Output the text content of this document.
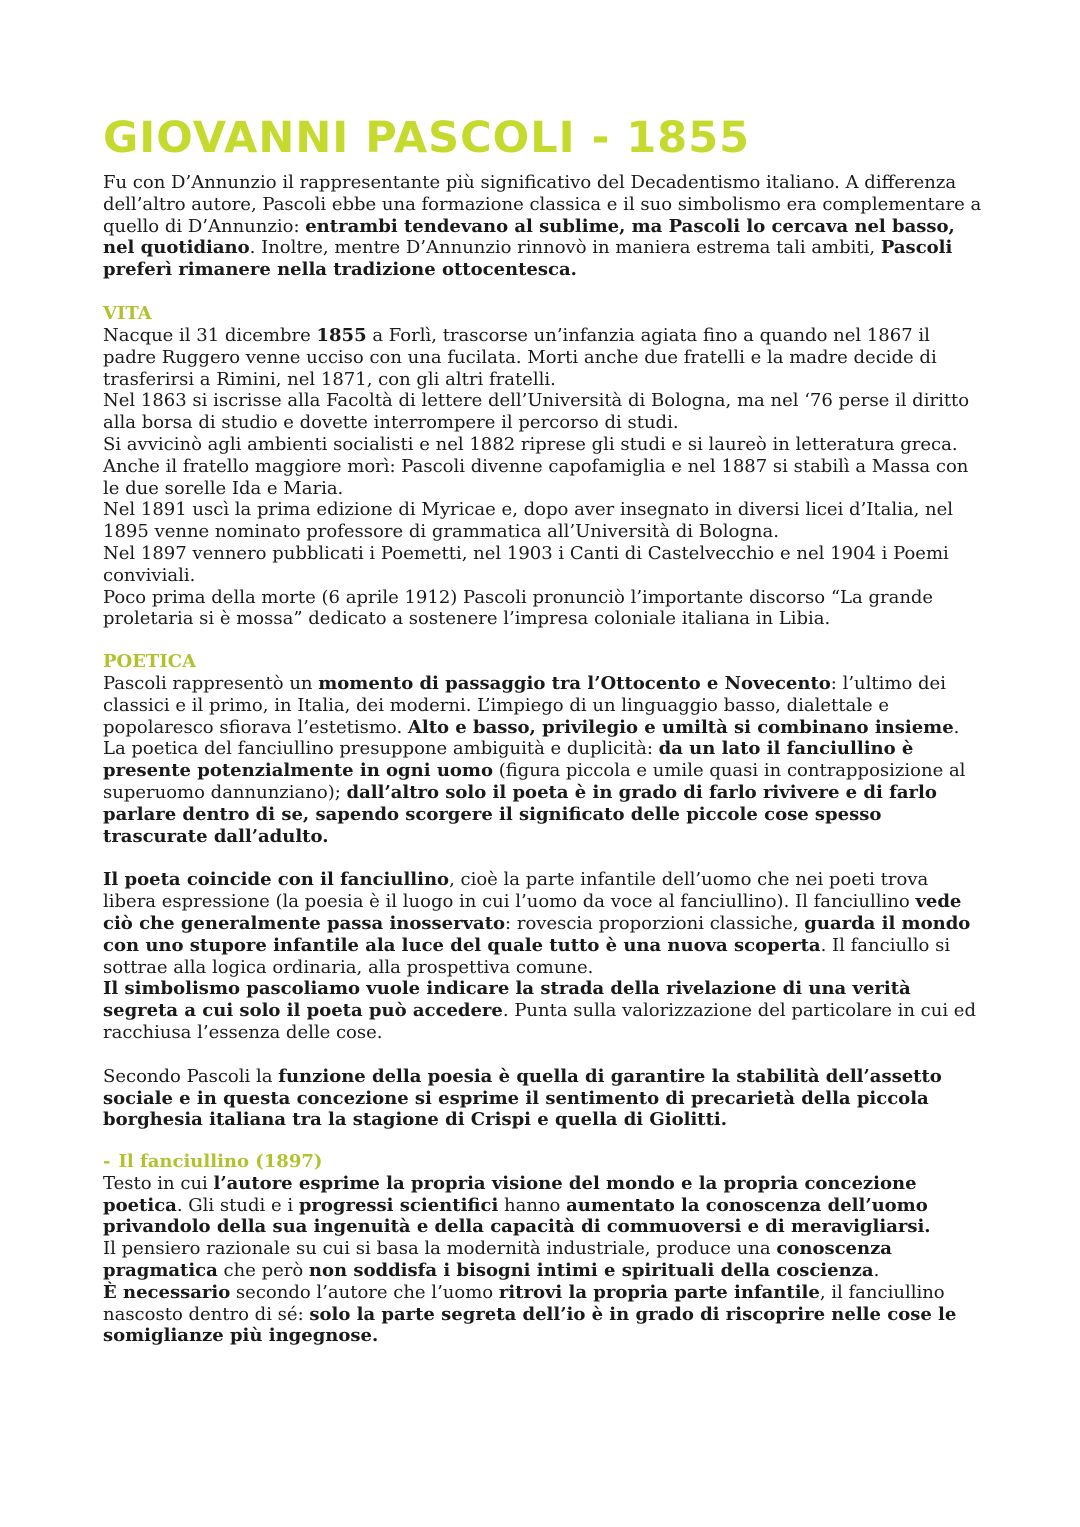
GIOVANNI PASCOLI - 1855

Fu con D’Annunzio il rappresentante più significativo del Decadentismo italiano. A differenza dell’altro autore, Pascoli ebbe una formazione classica e il suo simbolismo era complementare a quello di D’Annunzio: entrambi tendevano al sublime, ma Pascoli lo cercava nel basso, nel quotidiano. Inoltre, mentre D’Annunzio rinnovò in maniera estrema tali ambiti, Pascoli preferì rimanere nella tradizione ottocentesca.

VITA

Nacque il 31 dicembre 1855 a Forlì, trascorse un’infanzia agiata fino a quando nel 1867 il padre Ruggero venne ucciso con una fucilata. Morti anche due fratelli e la madre decide di trasferirsi a Rimini, nel 1871, con gli altri fratelli.

Nel 1863 si iscrisse alla Facoltà di lettere dell’Università di Bologna, ma nel ‘76 perse il diritto alla borsa di studio e dovette interrompere il percorso di studi.

Si avvicinò agli ambienti socialisti e nel 1882 riprese gli studi e si laureò in letteratura greca.

Anche il fratello maggiore morì: Pascoli divenne capofamiglia e nel 1887 si stabilì a Massa con le due sorelle Ida e Maria.

Nel 1891 uscì la prima edizione di Myricae e, dopo aver insegnato in diversi licei d’Italia, nel 1895 venne nominato professore di grammatica all’Università di Bologna.

Nel 1897 vennero pubblicati i Poemetti, nel 1903 i Canti di Castelvecchio e nel 1904 i Poemi conviviali.

Poco prima della morte (6 aprile 1912) Pascoli pronunciò l’importante discorso “La grande proletaria si è mossa” dedicato a sostenere l’impresa coloniale italiana in Libia.

POETICA

Pascoli rappresentò un momento di passaggio tra l’Ottocento e Novecento: l’ultimo dei classici e il primo, in Italia, dei moderni. L’impiego di un linguaggio basso, dialettale e popolaresco sfiorava l’estetismo. Alto e basso, privilegio e umiltà si combinano insieme.

La poetica del fanciullino presuppone ambiguità e duplicità: da un lato il fanciullino è presente potenzialmente in ogni uomo (figura piccola e umile quasi in contrapposizione al superuomo dannunziano); dall’altro solo il poeta è in grado di farlo rivivere e di farlo parlare dentro di se, sapendo scorgere il significato delle piccole cose spesso trascurate dall’adulto.

Il poeta coincide con il fanciullino, cioè la parte infantile dell’uomo che nei poeti trova libera espressione (la poesia è il luogo in cui l’uomo da voce al fanciullino). Il fanciullino vede ciò che generalmente passa inosservato: rovescia proporzioni classiche, guarda il mondo con uno stupore infantile ala luce del quale tutto è una nuova scoperta. Il fanciullo si sottrae alla logica ordinaria, alla prospettiva comune.

Il simbolismo pascoliamo vuole indicare la strada della rivelazione di una verità segreta a cui solo il poeta può accedere. Punta sulla valorizzazione del particolare in cui ed racchiusa l’essenza delle cose.

Secondo Pascoli la funzione della poesia è quella di garantire la stabilità dell’assetto sociale e in questa concezione si esprime il sentimento di precarietà della piccola borghesia italiana tra la stagione di Crispi e quella di Giolitti.

- Il fanciullino (1897)

Testo in cui l’autore esprime la propria visione del mondo e la propria concezione poetica. Gli studi e i progressi scientifici hanno aumentato la conoscenza dell’uomo privandolo della sua ingenuità e della capacità di commuoversi e di meravigliarsi.

Il pensiero razionale su cui si basa la modernità industriale, produce una conoscenza pragmatica che però non soddisfa i bisogni intimi e spirituali della coscienza.

È necessario secondo l’autore che l’uomo ritrovi la propria parte infantile, il fanciullino nascosto dentro di sé: solo la parte segreta dell’io è in grado di riscoprire nelle cose le somiglianze più ingegnose.
